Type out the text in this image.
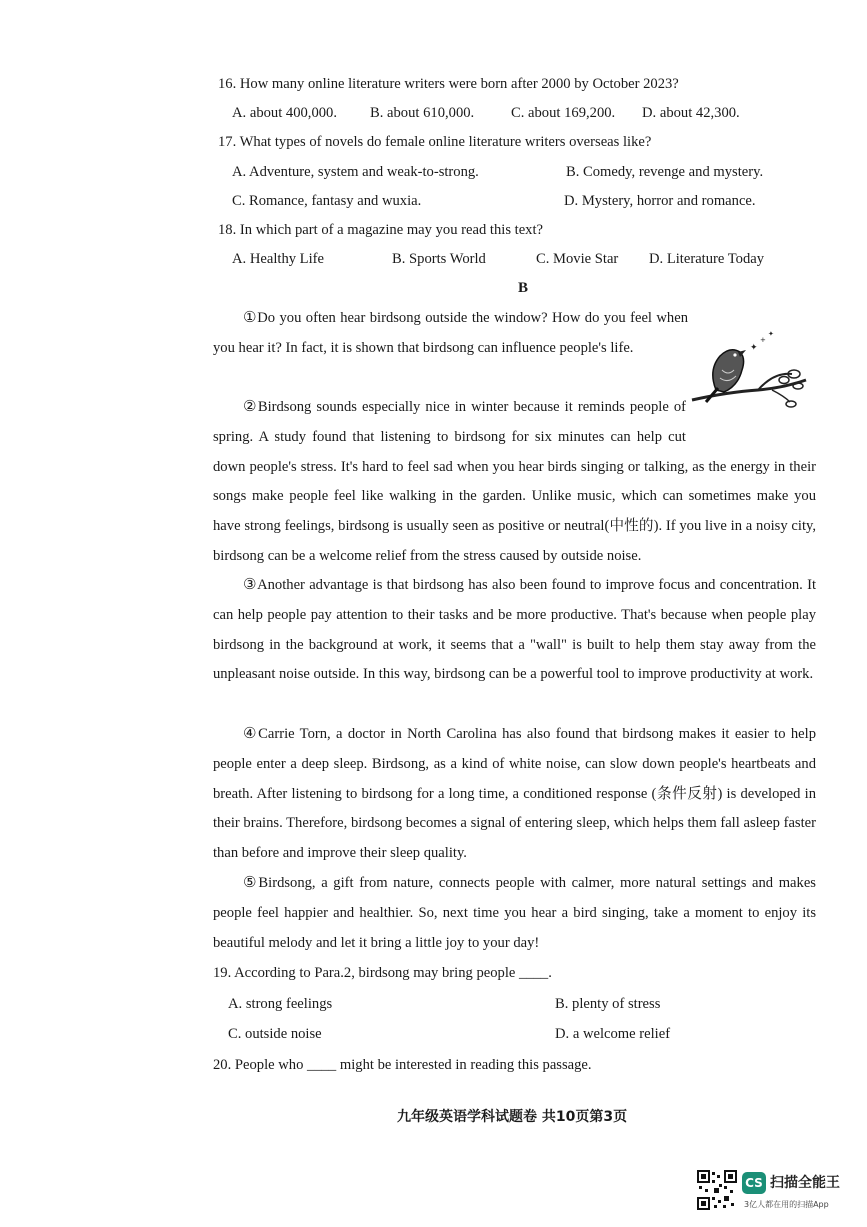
16. How many online literature writers were born after 2000 by October 2023?
A. about 400,000. B. about 610,000.	C. about 169,200. D. about 42,300.
17. What types of novels do female online literature writers overseas like?
A. Adventure, system and weak-to-strong.	B. Comedy, revenge and mystery.
C. Romance, fantasy and wuxia.	D. Mystery, horror and romance.
18. In which part of a magazine may you read this text?
A. Healthy Life	B. Sports World	C. Movie Star D. Literature Today
B
✦
+
✦
①Do you often hear birdsong outside the window? How do you feel when you hear it? In fact, it is shown that birdsong can influence people's life.
②Birdsong sounds especially nice in winter because it reminds people of spring. A study found that listening to birdsong for six minutes can help cut down people's stress. It's hard to feel sad when you hear birds singing or talking, as the energy in their songs make people feel like walking in the garden. Unlike music, which can sometimes make you have strong feelings, birdsong is usually seen as positive or neutral(中性的). If you live in a noisy city, birdsong can be a welcome relief from the stress caused by outside noise.
③Another advantage is that birdsong has also been found to improve focus and concentration. It can help people pay attention to their tasks and be more productive. That's because when people play birdsong in the background at work, it seems that a "wall" is built to help them stay away from the unpleasant noise outside. In this way, birdsong can be a powerful tool to improve productivity at work.
④Carrie Torn, a doctor in North Carolina has also found that birdsong makes it easier to help people enter a deep sleep. Birdsong, as a kind of white noise, can slow down people's heartbeats and breath. After listening to birdsong for a long time, a conditioned response (条件反射) is developed in their brains. Therefore, birdsong becomes a signal of entering sleep, which helps them fall asleep faster than before and improve their sleep quality.
⑤Birdsong, a gift from nature, connects people with calmer, more natural settings and makes people feel happier and healthier. So, next time you hear a bird singing, take a moment to enjoy its beautiful melody and let it bring a little joy to your day!
19. According to Para.2, birdsong may bring people ____.
A. strong feelings	B. plenty of stress
C. outside noise	D. a welcome relief
20. People who ____ might be interested in reading this passage.
九年级英语学科试题卷 共10页第3页
CS 扫描全能王
3亿人都在用的扫描App
